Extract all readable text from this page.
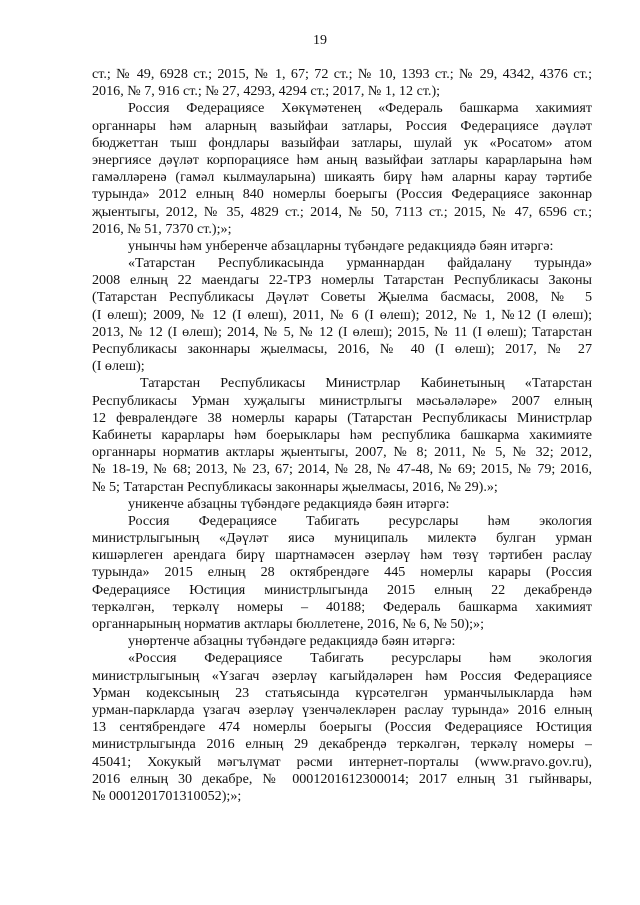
19
ст.; № 49, 6928 ст.; 2015, № 1, 67; 72 ст.; № 10, 1393 ст.; № 29, 4342, 4376 ст.;
2016, № 7, 916 ст.; № 27, 4293, 4294 ст.; 2017, № 1, 12 ст.);
Россия Федерациясе Хөкүмәтенең «Федераль башкарма хакимият
органнары һәм аларның вазыйфаи затлары, Россия Федерациясе дәүләт
бюджеттан тыш фондлары вазыйфаи затлары, шулай ук «Росатом» атом
энергиясе дәүләт корпорациясе һәм аның вазыйфаи затлары карарларына һәм
гамәлләренә (гамәл кылмауларына) шикаять бирү һәм аларны карау тәртибе
турында» 2012 елның 840 номерлы боерыгы (Россия Федерациясе законнар
җыентыгы, 2012, № 35, 4829 ст.; 2014, № 50, 7113 ст.; 2015, № 47, 6596 ст.;
2016, № 51, 7370 ст.);»;
унынчы һәм унберенче абзацларны түбәндәге редакциядә бәян итәргә:
«Татарстан Республикасында урманнардан файдалану турында»
2008 елның 22 маендагы 22-ТРЗ номерлы Татарстан Республикасы Законы
(Татарстан Республикасы Дәүләт Советы Җыелма басмасы, 2008, № 5
(I өлеш); 2009, № 12 (I өлеш), 2011, № 6 (I өлеш); 2012, № 1, №12 (I өлеш);
2013, № 12 (I өлеш); 2014, № 5, № 12 (I өлеш); 2015, № 11 (I өлеш); Татарстан
Республикасы законнары җыелмасы, 2016, № 40 (I өлеш); 2017, № 27
(I өлеш);
Татарстан Республикасы Министрлар Кабинетының «Татарстан
Республикасы Урман хуҗалыгы министрлыгы мәсьәләләре» 2007 елның
12 февралендәге 38 номерлы карары (Татарстан Республикасы Министрлар
Кабинеты карарлары һәм боерыклары һәм республика башкарма хакимияте
органнары норматив актлары җыентыгы, 2007, № 8; 2011, № 5, № 32; 2012,
№ 18-19, № 68; 2013, № 23, 67; 2014, № 28, № 47-48, № 69; 2015, № 79; 2016,
№ 5; Татарстан Республикасы законнары җыелмасы, 2016, № 29).»;
уникенче абзацны түбәндәге редакциядә бәян итәргә:
Россия Федерациясе Табигать ресурслары һәм экология
министрлыгының «Дәүләт яисә муниципаль милектә булган урман
кишәрлеген арендага бирү шартнамәсен әзерләү һәм төзү тәртибен раслау
турында» 2015 елның 28 октябрендәге 445 номерлы карары (Россия
Федерациясе Юстиция министрлыгында 2015 елның 22 декабрендә
теркәлгән, теркәлү номеры – 40188; Федераль башкарма хакимият
органнарының норматив актлары бюллетене, 2016, № 6, № 50);»;
унөртенче абзацны түбәндәге редакциядә бәян итәргә:
«Россия Федерациясе Табигать ресурслары һәм экология
министрлыгының «Үзагач әзерләү кагыйдәләрен һәм Россия Федерациясе
Урман кодексының 23 статьясында күрсәтелгән урманчылыкларда һәм
урман-паркларда үзагач әзерләү үзенчәлекләрен раслау турында» 2016 елның
13 сентябрендәге 474 номерлы боерыгы (Россия Федерациясе Юстиция
министрлыгында 2016 елның 29 декабрендә теркәлгән, теркәлү номеры –
45041; Хокукый мәгълүмат рәсми интернет-порталы (www.pravo.gov.ru),
2016 елның 30 декабре, № 0001201612300014; 2017 елның 31 гыйнвары,
№ 0001201701310052);»;
